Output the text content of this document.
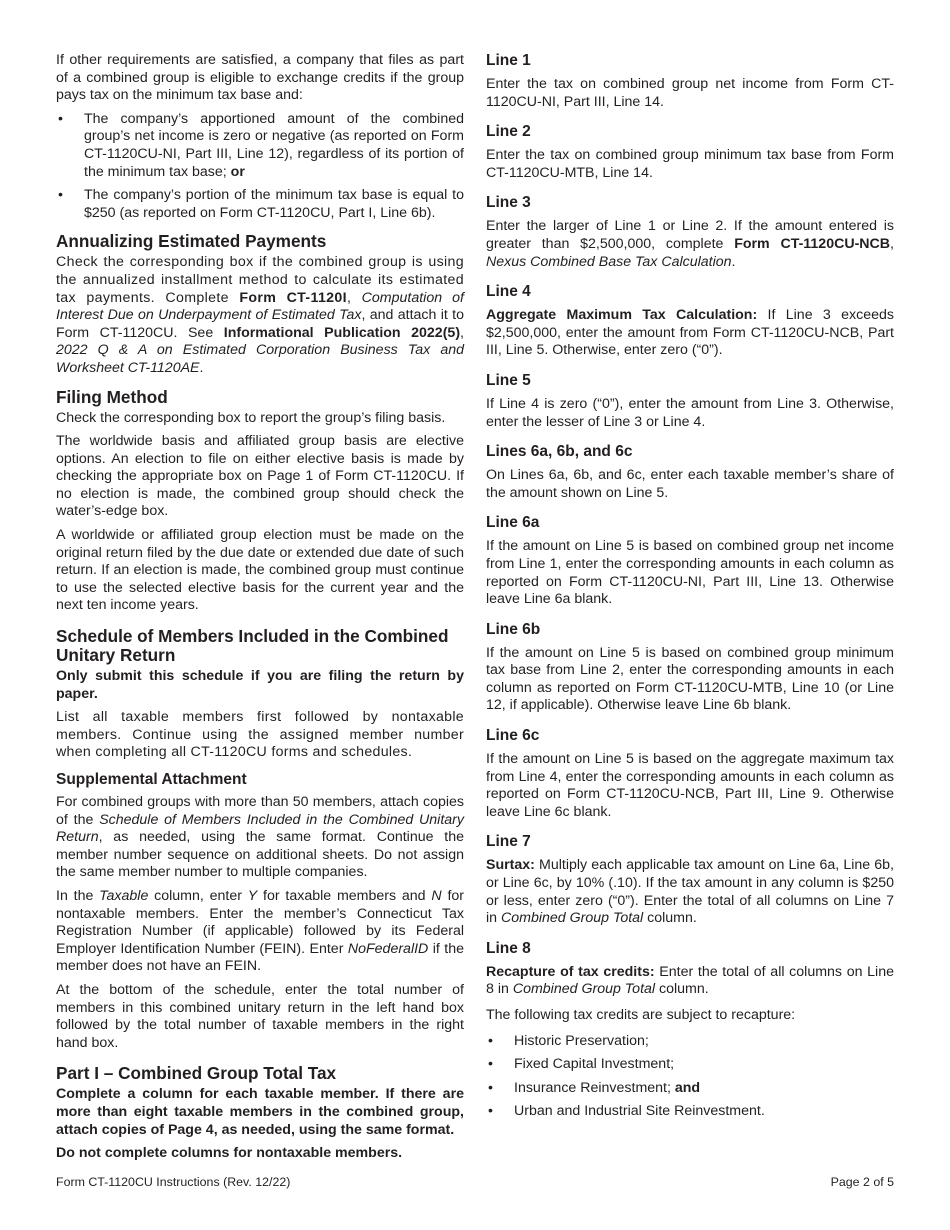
If other requirements are satisfied, a company that files as part of a combined group is eligible to exchange credits if the group pays tax on the minimum tax base and:

• The company’s apportioned amount of the combined group’s net income is zero or negative (as reported on Form CT-1120CU-NI, Part III, Line 12), regardless of its portion of the minimum tax base; or
• The company’s portion of the minimum tax base is equal to $250 (as reported on Form CT-1120CU, Part I, Line 6b).
Annualizing Estimated Payments

Check the corresponding box if the combined group is using the annualized installment method to calculate its estimated tax payments. Complete Form CT-1120I, Computation of Interest Due on Underpayment of Estimated Tax, and attach it to Form CT-1120CU. See Informational Publication 2022(5), 2022 Q & A on Estimated Corporation Business Tax and Worksheet CT-1120AE.

Filing Method

Check the corresponding box to report the group’s filing basis.

The worldwide basis and affiliated group basis are elective options. An election to file on either elective basis is made by checking the appropriate box on Page 1 of Form CT-1120CU. If no election is made, the combined group should check the water’s-edge box.

A worldwide or affiliated group election must be made on the original return filed by the due date or extended due date of such return. If an election is made, the combined group must continue to use the selected elective basis for the current year and the next ten income years.

Schedule of Members Included in the Combined Unitary Return

Only submit this schedule if you are filing the return by paper.

List all taxable members first followed by nontaxable members. Continue using the assigned member number when completing all CT-1120CU forms and schedules.

Supplemental Attachment

For combined groups with more than 50 members, attach copies of the Schedule of Members Included in the Combined Unitary Return, as needed, using the same format. Continue the member number sequence on additional sheets. Do not assign the same member number to multiple companies.

In the Taxable column, enter Y for taxable members and N for nontaxable members. Enter the member’s Connecticut Tax Registration Number (if applicable) followed by its Federal Employer Identification Number (FEIN). Enter NoFederalID if the member does not have an FEIN.

At the bottom of the schedule, enter the total number of members in this combined unitary return in the left hand box followed by the total number of taxable members in the right hand box.

Part I – Combined Group Total Tax

Complete a column for each taxable member. If there are more than eight taxable members in the combined group, attach copies of Page 4, as needed, using the same format.

Do not complete columns for nontaxable members.

Line 1

Enter the tax on combined group net income from Form CT-1120CU-NI, Part III, Line 14.

Line 2

Enter the tax on combined group minimum tax base from Form CT-1120CU-MTB, Line 14.

Line 3

Enter the larger of Line 1 or Line 2. If the amount entered is greater than $2,500,000, complete Form CT-1120CU-NCB, Nexus Combined Base Tax Calculation.

Line 4

Aggregate Maximum Tax Calculation: If Line 3 exceeds $2,500,000, enter the amount from Form CT-1120CU-NCB, Part III, Line 5. Otherwise, enter zero (“0”).

Line 5

If Line 4 is zero (“0”), enter the amount from Line 3. Otherwise, enter the lesser of Line 3 or Line 4.

Lines 6a, 6b, and 6c

On Lines 6a, 6b, and 6c, enter each taxable member’s share of the amount shown on Line 5.

Line 6a

If the amount on Line 5 is based on combined group net income from Line 1, enter the corresponding amounts in each column as reported on Form CT-1120CU-NI, Part III, Line 13. Otherwise leave Line 6a blank.

Line 6b

If the amount on Line 5 is based on combined group minimum tax base from Line 2, enter the corresponding amounts in each column as reported on Form CT-1120CU-MTB, Line 10 (or Line 12, if applicable). Otherwise leave Line 6b blank.

Line 6c

If the amount on Line 5 is based on the aggregate maximum tax from Line 4, enter the corresponding amounts in each column as reported on Form CT-1120CU-NCB, Part III, Line 9. Otherwise leave Line 6c blank.

Line 7

Surtax: Multiply each applicable tax amount on Line 6a, Line 6b, or Line 6c, by 10% (.10). If the tax amount in any column is $250 or less, enter zero (“0”). Enter the total of all columns on Line 7 in Combined Group Total column.

Line 8

Recapture of tax credits: Enter the total of all columns on Line 8 in Combined Group Total column.

The following tax credits are subject to recapture:

• Historic Preservation;
• Fixed Capital Investment;
• Insurance Reinvestment; and
• Urban and Industrial Site Reinvestment.
Form CT-1120CU Instructions (Rev. 12/22)	Page 2 of 5
